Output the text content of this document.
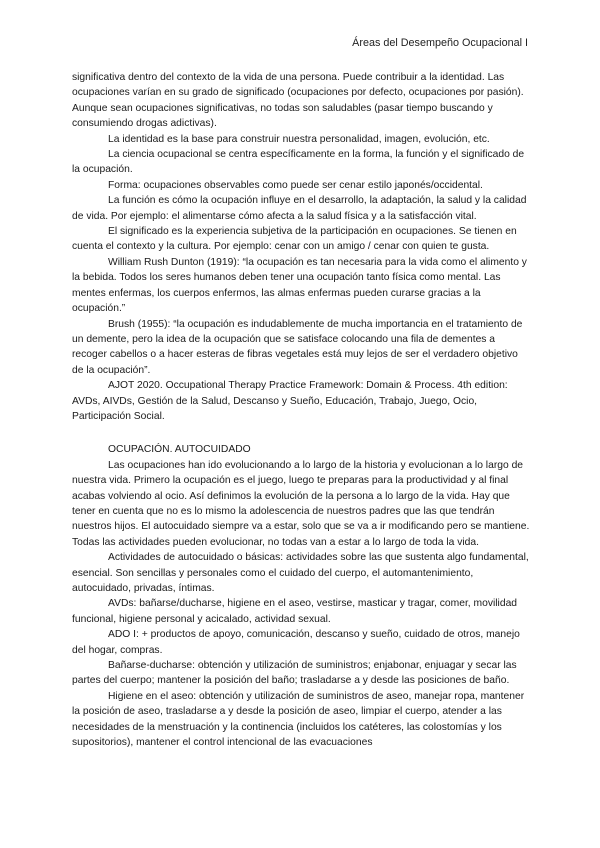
Áreas del Desempeño Ocupacional I

significativa dentro del contexto de la vida de una persona. Puede contribuir a la identidad. Las ocupaciones varían en su grado de significado (ocupaciones por defecto, ocupaciones por pasión). Aunque sean ocupaciones significativas, no todas son saludables (pasar tiempo buscando y consumiendo drogas adictivas).

La identidad es la base para construir nuestra personalidad, imagen, evolución, etc.

La ciencia ocupacional se centra específicamente en la forma, la función y el significado de la ocupación.

Forma: ocupaciones observables como puede ser cenar estilo japonés/occidental.

La función es cómo la ocupación influye en el desarrollo, la adaptación, la salud y la calidad de vida. Por ejemplo: el alimentarse cómo afecta a la salud física y a la satisfacción vital.

El significado es la experiencia subjetiva de la participación en ocupaciones. Se tienen en cuenta el contexto y la cultura. Por ejemplo: cenar con un amigo / cenar con quien te gusta.

William Rush Dunton (1919): “la ocupación es tan necesaria para la vida como el alimento y la bebida. Todos los seres humanos deben tener una ocupación tanto física como mental. Las mentes enfermas, los cuerpos enfermos, las almas enfermas pueden curarse gracias a la ocupación.”

Brush (1955): “la ocupación es indudablemente de mucha importancia en el tratamiento de un demente, pero la idea de la ocupación que se satisface colocando una fila de dementes a recoger cabellos o a hacer esteras de fibras vegetales está muy lejos de ser el verdadero objetivo de la ocupación”.

AJOT 2020. Occupational Therapy Practice Framework: Domain & Process. 4th edition: AVDs, AIVDs, Gestión de la Salud, Descanso y Sueño, Educación, Trabajo, Juego, Ocio, Participación Social.

OCUPACIÓN. AUTOCUIDADO

Las ocupaciones han ido evolucionando a lo largo de la historia y evolucionan a lo largo de nuestra vida. Primero la ocupación es el juego, luego te preparas para la productividad y al final acabas volviendo al ocio. Así definimos la evolución de la persona a lo largo de la vida. Hay que tener en cuenta que no es lo mismo la adolescencia de nuestros padres que las que tendrán nuestros hijos. El autocuidado siempre va a estar, solo que se va a ir modificando pero se mantiene. Todas las actividades pueden evolucionar, no todas van a estar a lo largo de toda la vida.

Actividades de autocuidado o básicas: actividades sobre las que sustenta algo fundamental, esencial. Son sencillas y personales como el cuidado del cuerpo, el automantenimiento, autocuidado, privadas, íntimas.

AVDs: bañarse/ducharse, higiene en el aseo, vestirse, masticar y tragar, comer, movilidad funcional, higiene personal y acicalado, actividad sexual.

ADO I: + productos de apoyo, comunicación, descanso y sueño, cuidado de otros, manejo del hogar, compras.

Bañarse-ducharse: obtención y utilización de suministros; enjabonar, enjuagar y secar las partes del cuerpo; mantener la posición del baño; trasladarse a y desde las posiciones de baño.

Higiene en el aseo: obtención y utilización de suministros de aseo, manejar ropa, mantener la posición de aseo, trasladarse a y desde la posición de aseo, limpiar el cuerpo, atender a las necesidades de la menstruación y la continencia (incluidos los catéteres, las colostomías y los supositorios), mantener el control intencional de las evacuaciones
